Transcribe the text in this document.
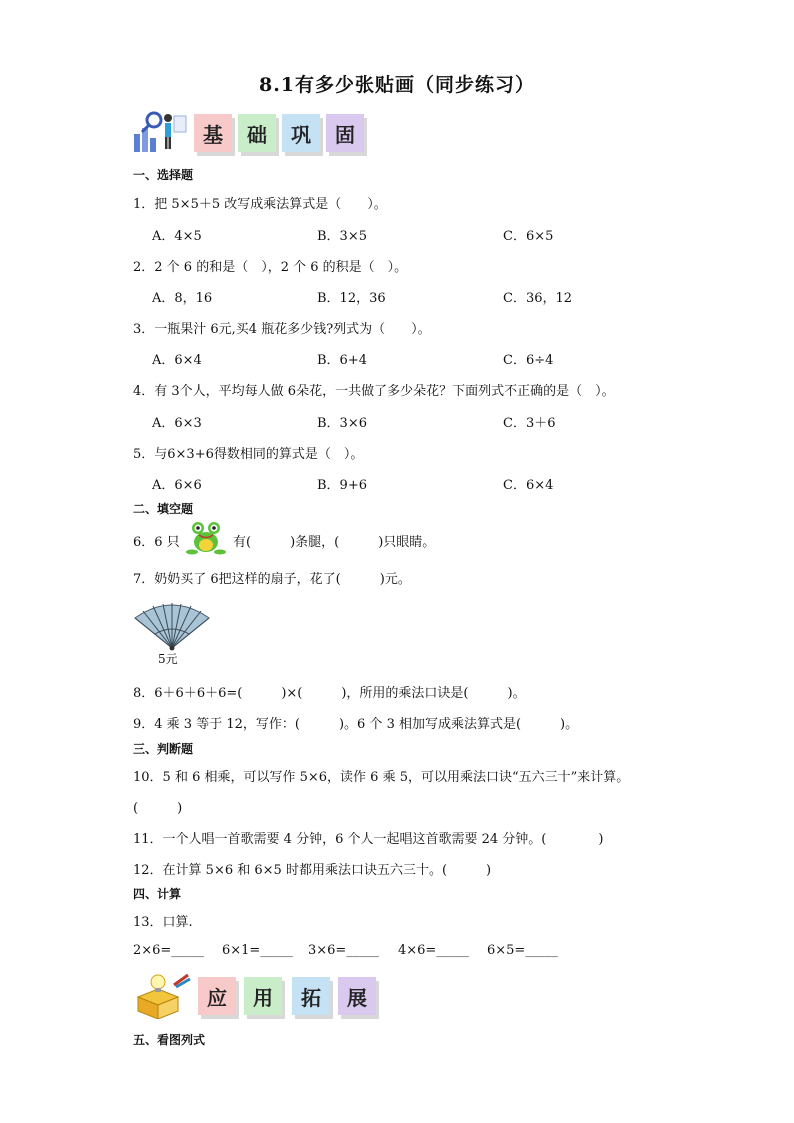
8.1有多少张贴画（同步练习）
基	础	巩	固
一、选择题
1．把 5×5＋5 改写成乘法算式是（　　）。
A．4×5	B．3×5	C．6×5
2．2 个 6 的和是（　），2 个 6 的积是（　）。
A．8，16	B．12，36	C．36，12
3．一瓶果汁 6元,买4 瓶花多少钱?列式为（　　）。
A．6×4	B．6+4	C．6÷4
4．有 3个人，平均每人做 6朵花，一共做了多少朵花？下面列式不正确的是（　）。
A．6×3	B．3×6	C．3＋6
5．与6×3+6得数相同的算式是（　）。
A．6×6	B．9+6	C．6×4
二、填空题
6．6 只	有(　　　)条腿，(　　　)只眼睛。
7．奶奶买了 6把这样的扇子，花了(　　　)元。
5元
8．6＋6＋6＋6=(　　　)×(　　　)，所用的乘法口诀是(　　　)。
9．4 乘 3 等于 12，写作：(　　　)。6 个 3 相加写成乘法算式是(　　　)。
三、判断题
10．5 和 6 相乘，可以写作 5×6，读作 6 乘 5，可以用乘法口诀“五六三十”来计算。
(　　　)
11．一个人唱一首歌需要 4 分钟，6 个人一起唱这首歌需要 24 分钟。(　　　　)
12．在计算 5×6 和 6×5 时都用乘法口诀五六三十。(　　　)
四、计算
13．口算.
2×6=_____ 6×1=_____ 3×6=_____ 4×6=_____ 6×5=_____
应	用	拓	展
五、看图列式
